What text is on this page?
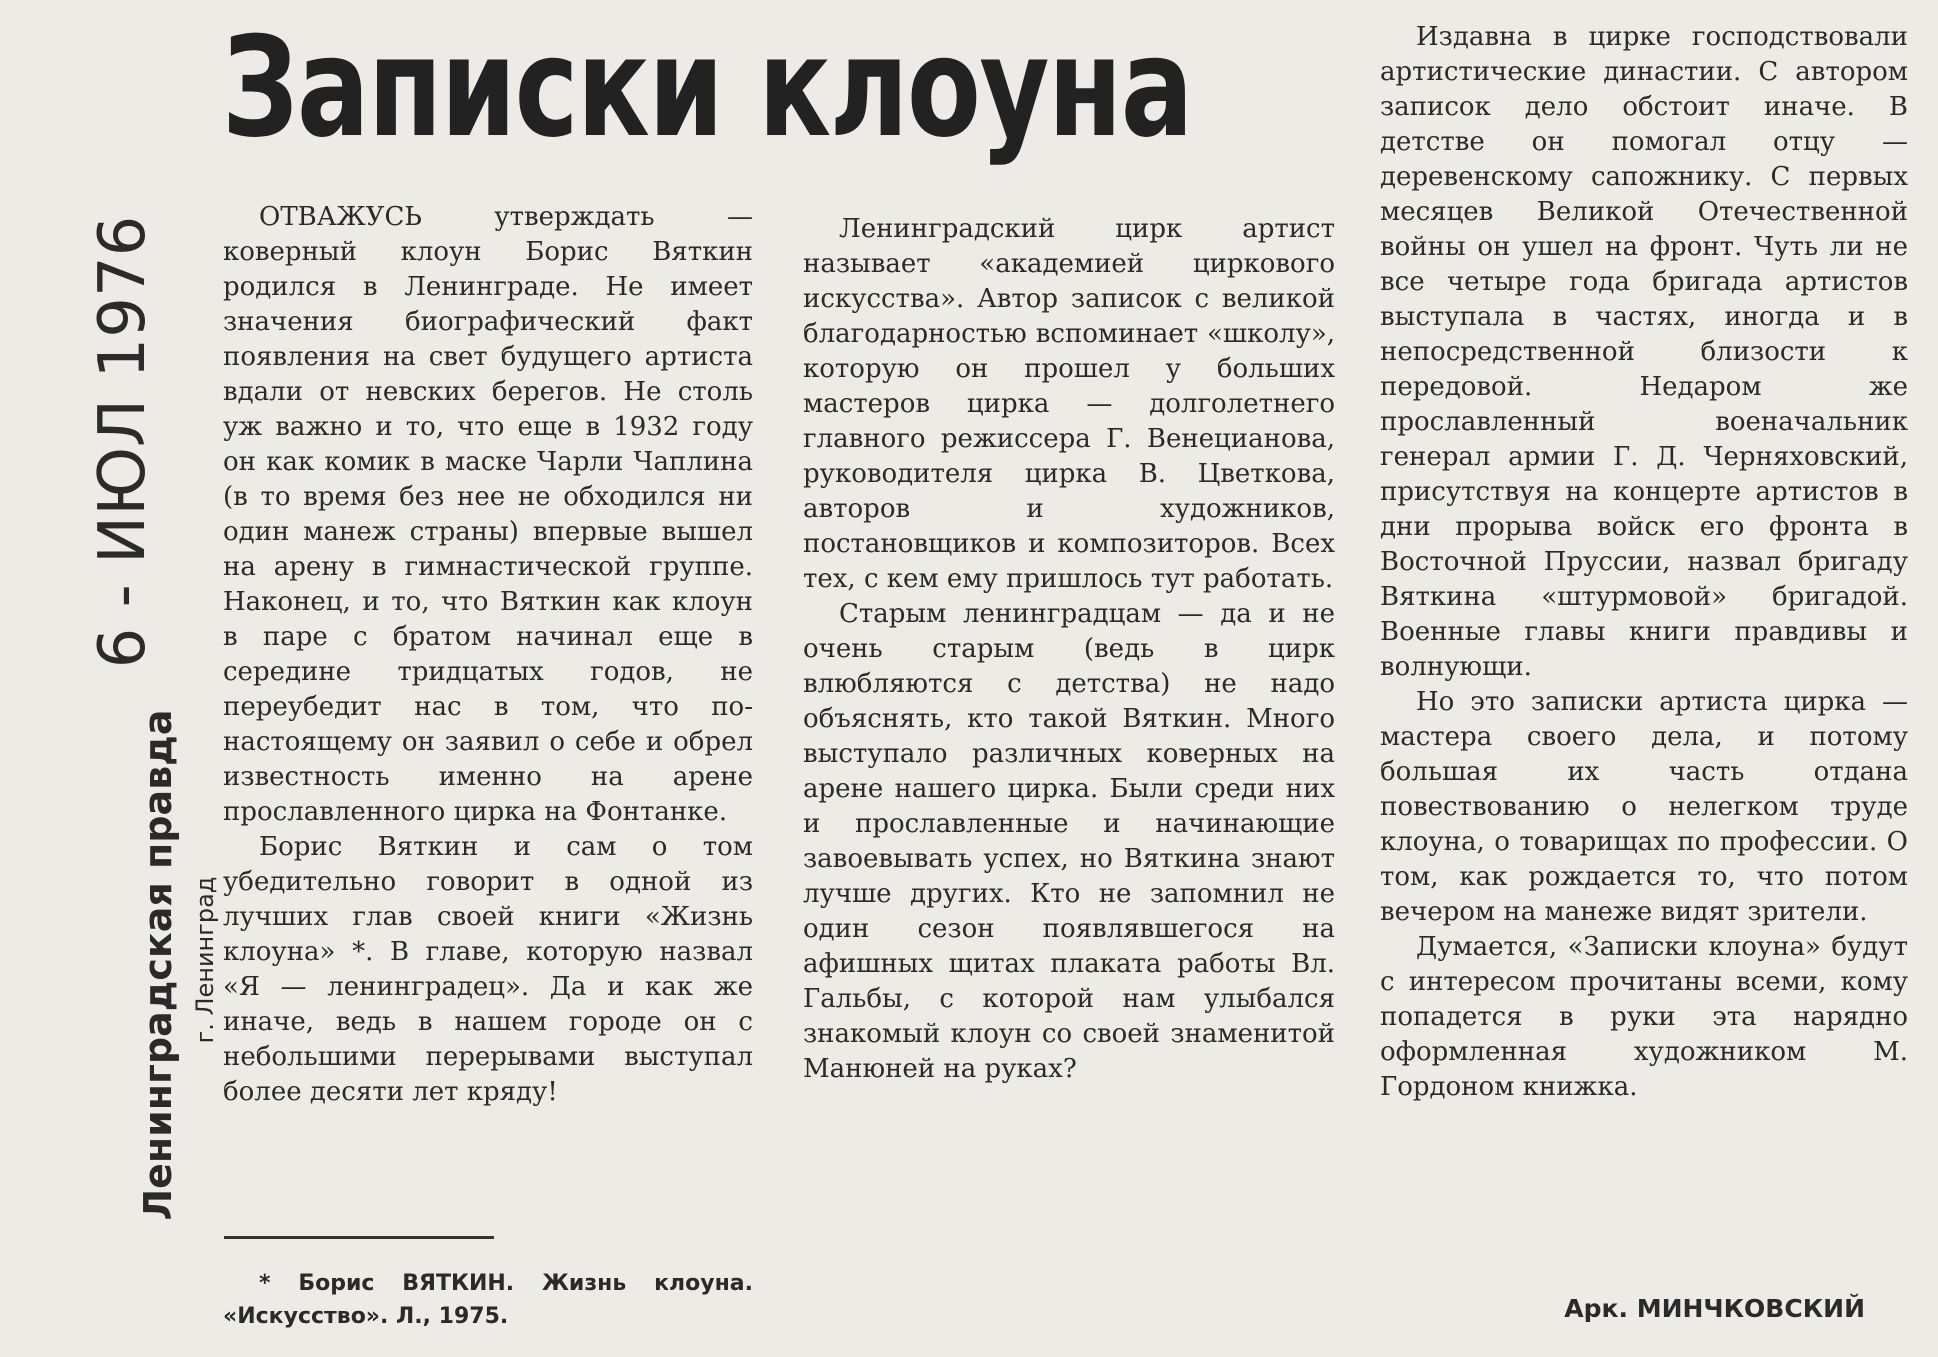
Записки клоуна
6 - ИЮЛ 1976
Ленинградская правда г. Ленинград

ОТВАЖУСЬ утверждать — коверный клоун Борис Вяткин родился в Ленинграде. Не имеет значения биографический факт появления на свет будущего артиста вдали от невских берегов. Не столь уж важно и то, что еще в 1932 году он как комик в маске Чарли Чаплина (в то время без нее не обходился ни один манеж страны) впервые вышел на арену в гимнастической группе. Наконец, и то, что Вяткин как клоун в паре с братом начинал еще в середине тридцатых годов, не переубедит нас в том, что по-настоящему он заявил о себе и обрел известность именно на арене прославленного цирка на Фонтанке.

Борис Вяткин и сам о том убедительно говорит в одной из лучших глав своей книги «Жизнь клоуна» *. В главе, которую назвал «Я — ленинградец». Да и как же иначе, ведь в нашем городе он с небольшими перерывами выступал более десяти лет кряду!

Ленинградский цирк артист называет «академией циркового искусства». Автор записок с великой благодарностью вспоминает «школу», которую он прошел у больших мастеров цирка — долголетнего главного режиссера Г. Венецианова, руководителя цирка В. Цветкова, авторов и художников, постановщиков и композиторов. Всех тех, с кем ему пришлось тут работать.

Старым ленинградцам — да и не очень старым (ведь в цирк влюбляются с детства) не надо объяснять, кто такой Вяткин. Много выступало различных коверных на арене нашего цирка. Были среди них и прославленные и начинающие завоевывать успех, но Вяткина знают лучше других. Кто не запомнил не один сезон появлявшегося на афишных щитах плаката работы Вл. Гальбы, с которой нам улыбался знакомый клоун со своей знаменитой Манюней на руках?

Издавна в цирке господствовали артистические династии. С автором записок дело обстоит иначе. В детстве он помогал отцу — деревенскому сапожнику. С первых месяцев Великой Отечественной войны он ушел на фронт. Чуть ли не все четыре года бригада артистов выступала в частях, иногда и в непосредственной близости к передовой. Недаром же прославленный военачальник генерал армии Г. Д. Черняховский, присутствуя на концерте артистов в дни прорыва войск его фронта в Восточной Пруссии, назвал бригаду Вяткина «штурмовой» бригадой. Военные главы книги правдивы и волнующи.

Но это записки артиста цирка — мастера своего дела, и потому большая их часть отдана повествованию о нелегком труде клоуна, о товарищах по профессии. О том, как рождается то, что потом вечером на манеже видят зрители.

Думается, «Записки клоуна» будут с интересом прочитаны всеми, кому попадется в руки эта нарядно оформленная художником М. Гордоном книжка.

* Борис ВЯТКИН. Жизнь клоуна. «Искусство». Л., 1975.	Арк. МИНЧКОВСКИЙ
